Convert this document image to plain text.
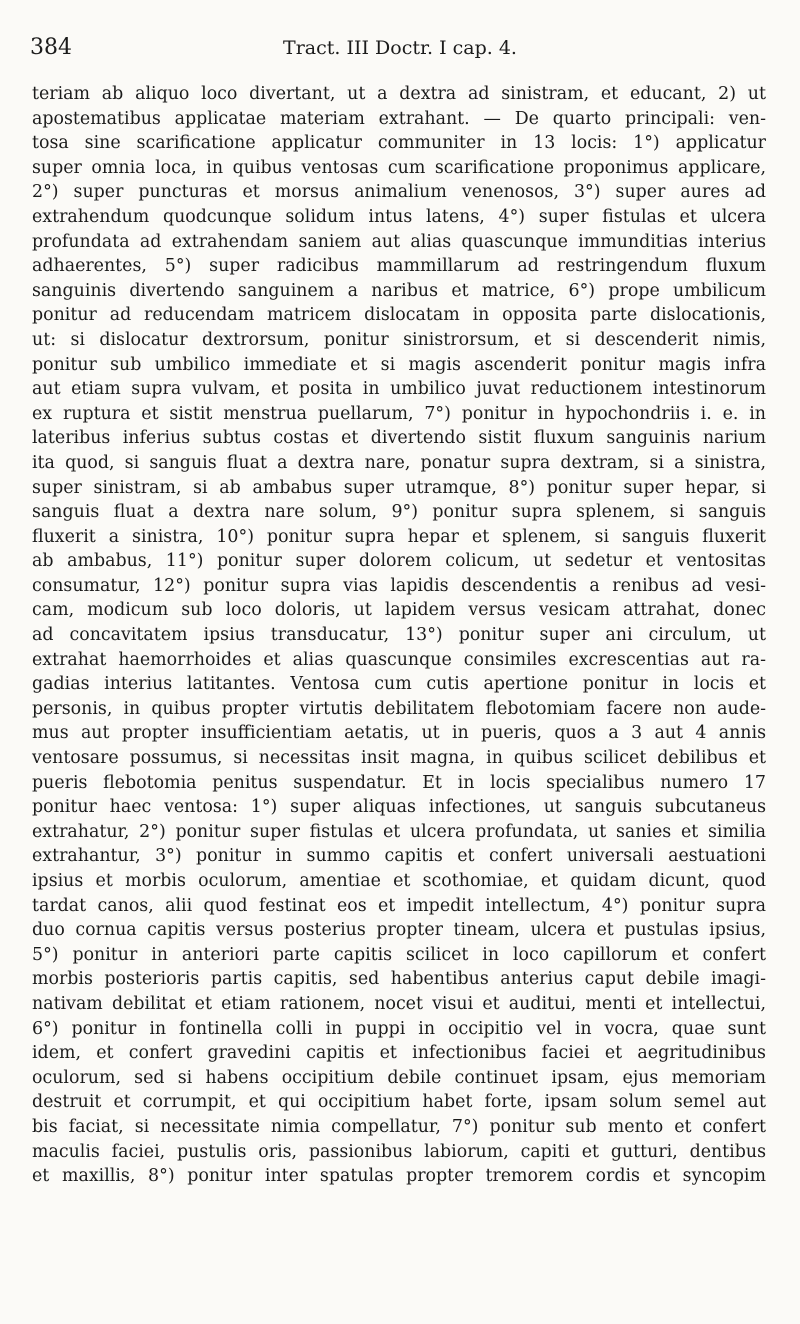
384	Tract. III Doctr. I cap. 4.
teriam ab aliquo loco divertant, ut a dextra ad sinistram, et educant, 2) ut
apostematibus applicatae materiam extrahant. — De quarto principali: ven-
tosa sine scarificatione applicatur communiter in 13 locis: 1°) applicatur
super omnia loca, in quibus ventosas cum scarificatione proponimus applicare,
2°) super puncturas et morsus animalium venenosos, 3°) super aures ad
extrahendum quodcunque solidum intus latens, 4°) super fistulas et ulcera
profundata ad extrahendam saniem aut alias quascunque immunditias interius
adhaerentes, 5°) super radicibus mammillarum ad restringendum fluxum
sanguinis divertendo sanguinem a naribus et matrice, 6°) prope umbilicum
ponitur ad reducendam matricem dislocatam in opposita parte dislocationis,
ut: si dislocatur dextrorsum, ponitur sinistrorsum, et si descenderit nimis,
ponitur sub umbilico immediate et si magis ascenderit ponitur magis infra
aut etiam supra vulvam, et posita in umbilico juvat reductionem intestinorum
ex ruptura et sistit menstrua puellarum, 7°) ponitur in hypochondriis i. e. in
lateribus inferius subtus costas et divertendo sistit fluxum sanguinis narium
ita quod, si sanguis fluat a dextra nare, ponatur supra dextram, si a sinistra,
super sinistram, si ab ambabus super utramque, 8°) ponitur super hepar, si
sanguis fluat a dextra nare solum, 9°) ponitur supra splenem, si sanguis
fluxerit a sinistra, 10°) ponitur supra hepar et splenem, si sanguis fluxerit
ab ambabus, 11°) ponitur super dolorem colicum, ut sedetur et ventositas
consumatur, 12°) ponitur supra vias lapidis descendentis a renibus ad vesi-
cam, modicum sub loco doloris, ut lapidem versus vesicam attrahat, donec
ad concavitatem ipsius transducatur, 13°) ponitur super ani circulum, ut
extrahat haemorrhoides et alias quascunque consimiles excrescentias aut ra-
gadias interius latitantes. Ventosa cum cutis apertione ponitur in locis et
personis, in quibus propter virtutis debilitatem flebotomiam facere non aude-
mus aut propter insufficientiam aetatis, ut in pueris, quos a 3 aut 4 annis
ventosare possumus, si necessitas insit magna, in quibus scilicet debilibus et
pueris flebotomia penitus suspendatur. Et in locis specialibus numero 17
ponitur haec ventosa: 1°) super aliquas infectiones, ut sanguis subcutaneus
extrahatur, 2°) ponitur super fistulas et ulcera profundata, ut sanies et similia
extrahantur, 3°) ponitur in summo capitis et confert universali aestuationi
ipsius et morbis oculorum, amentiae et scothomiae, et quidam dicunt, quod
tardat canos, alii quod festinat eos et impedit intellectum, 4°) ponitur supra
duo cornua capitis versus posterius propter tineam, ulcera et pustulas ipsius,
5°) ponitur in anteriori parte capitis scilicet in loco capillorum et confert
morbis posterioris partis capitis, sed habentibus anterius caput debile imagi-
nativam debilitat et etiam rationem, nocet visui et auditui, menti et intellectui,
6°) ponitur in fontinella colli in puppi in occipitio vel in vocra, quae sunt
idem, et confert gravedini capitis et infectionibus faciei et aegritudinibus
oculorum, sed si habens occipitium debile continuet ipsam, ejus memoriam
destruit et corrumpit, et qui occipitium habet forte, ipsam solum semel aut
bis faciat, si necessitate nimia compellatur, 7°) ponitur sub mento et confert
maculis faciei, pustulis oris, passionibus labiorum, capiti et gutturi, dentibus
et maxillis, 8°) ponitur inter spatulas propter tremorem cordis et syncopim
